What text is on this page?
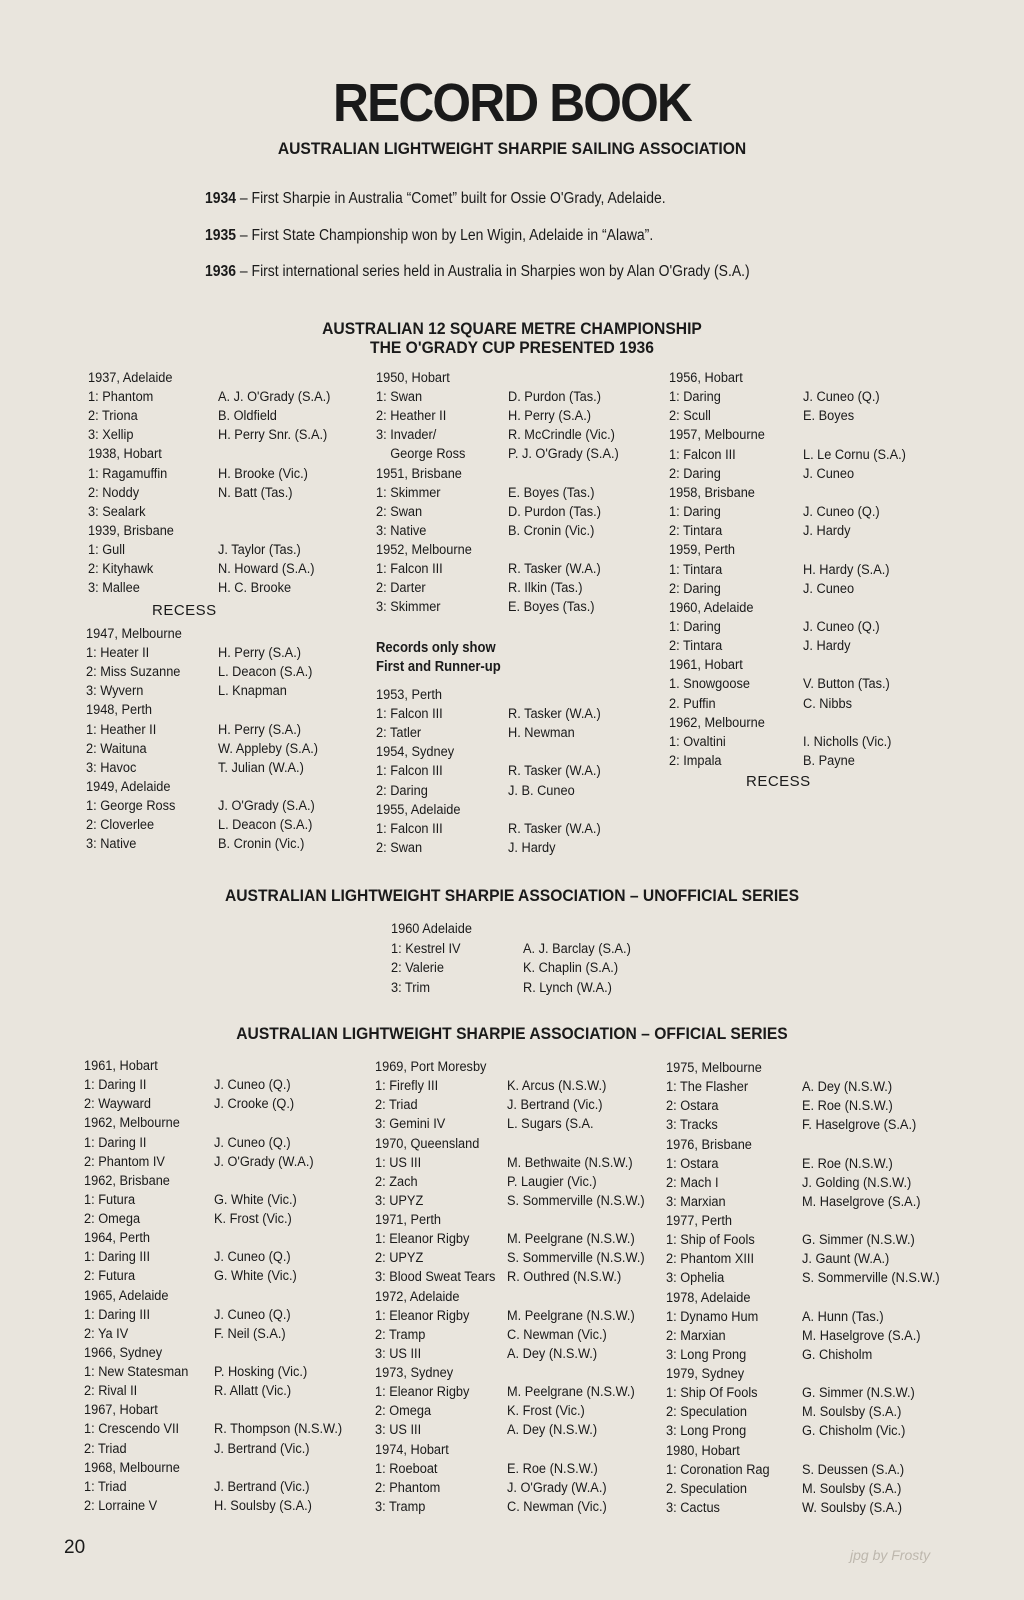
RECORD BOOK
AUSTRALIAN LIGHTWEIGHT SHARPIE SAILING ASSOCIATION

1934 – First Sharpie in Australia “Comet” built for Ossie O'Grady, Adelaide.

1935 – First State Championship won by Len Wigin, Adelaide in “Alawa”.

1936 – First international series held in Australia in Sharpies won by Alan O'Grady (S.A.)

AUSTRALIAN 12 SQUARE METRE CHAMPIONSHIP
THE O'GRADY CUP PRESENTED 1936
1937, Adelaide
1: Phantom	A. J. O'Grady (S.A.)
2: Triona	B. Oldfield
3: Xellip	H. Perry Snr. (S.A.)
1938, Hobart
1: Ragamuffin	H. Brooke (Vic.)
2: Noddy	N. Batt (Tas.)
3: Sealark
1939, Brisbane
1: Gull	J. Taylor (Tas.)
2: Kityhawk	N. Howard (S.A.)
3: Mallee	H. C. Brooke
RECESS
1947, Melbourne
1: Heater II	H. Perry (S.A.)
2: Miss Suzanne	L. Deacon (S.A.)
3: Wyvern	L. Knapman
1948, Perth
1: Heather II	H. Perry (S.A.)
2: Waituna	W. Appleby (S.A.)
3: Havoc	T. Julian (W.A.)
1949, Adelaide
1: George Ross	J. O'Grady (S.A.)
2: Cloverlee	L. Deacon (S.A.)
3: Native	B. Cronin (Vic.)
1950, Hobart
1: Swan	D. Purdon (Tas.)
2: Heather II	H. Perry (S.A.)
3: Invader/	R. McCrindle (Vic.)
George Ross	P. J. O'Grady (S.A.)
1951, Brisbane
1: Skimmer	E. Boyes (Tas.)
2: Swan	D. Purdon (Tas.)
3: Native	B. Cronin (Vic.)
1952, Melbourne
1: Falcon III	R. Tasker (W.A.)
2: Darter	R. Ilkin (Tas.)
3: Skimmer	E. Boyes (Tas.)
Records only show
First and Runner-up
1953, Perth
1: Falcon III	R. Tasker (W.A.)
2: Tatler	H. Newman
1954, Sydney
1: Falcon III	R. Tasker (W.A.)
2: Daring	J. B. Cuneo
1955, Adelaide
1: Falcon III	R. Tasker (W.A.)
2: Swan	J. Hardy
1956, Hobart
1: Daring	J. Cuneo (Q.)
2: Scull	E. Boyes
1957, Melbourne
1: Falcon III	L. Le Cornu (S.A.)
2: Daring	J. Cuneo
1958, Brisbane
1: Daring	J. Cuneo (Q.)
2: Tintara	J. Hardy
1959, Perth
1: Tintara	H. Hardy (S.A.)
2: Daring	J. Cuneo
1960, Adelaide
1: Daring	J. Cuneo (Q.)
2: Tintara	J. Hardy
1961, Hobart
1. Snowgoose	V. Button (Tas.)
2. Puffin	C. Nibbs
1962, Melbourne
1: Ovaltini	I. Nicholls (Vic.)
2: Impala	B. Payne
RECESS
AUSTRALIAN LIGHTWEIGHT SHARPIE ASSOCIATION – UNOFFICIAL SERIES
1960 Adelaide
1: Kestrel IV	A. J. Barclay (S.A.)
2: Valerie	K. Chaplin (S.A.)
3: Trim	R. Lynch (W.A.)
AUSTRALIAN LIGHTWEIGHT SHARPIE ASSOCIATION – OFFICIAL SERIES
1961, Hobart
1: Daring II	J. Cuneo (Q.)
2: Wayward	J. Crooke (Q.)
1962, Melbourne
1: Daring II	J. Cuneo (Q.)
2: Phantom IV	J. O'Grady (W.A.)
1962, Brisbane
1: Futura	G. White (Vic.)
2: Omega	K. Frost (Vic.)
1964, Perth
1: Daring III	J. Cuneo (Q.)
2: Futura	G. White (Vic.)
1965, Adelaide
1: Daring III	J. Cuneo (Q.)
2: Ya IV	F. Neil (S.A.)
1966, Sydney
1: New Statesman P. Hosking (Vic.)
2: Rival II	R. Allatt (Vic.)
1967, Hobart
1: Crescendo VII R. Thompson (N.S.W.)
2: Triad	J. Bertrand (Vic.)
1968, Melbourne
1: Triad	J. Bertrand (Vic.)
2: Lorraine V	H. Soulsby (S.A.)
1969, Port Moresby
1: Firefly III	K. Arcus (N.S.W.)
2: Triad	J. Bertrand (Vic.)
3: Gemini IV	L. Sugars (S.A.
1970, Queensland
1: US III	M. Bethwaite (N.S.W.)
2: Zach	P. Laugier (Vic.)
3: UPYZ	S. Sommerville (N.S.W.)
1971, Perth
1: Eleanor Rigby	M. Peelgrane (N.S.W.)
2: UPYZ	S. Sommerville (N.S.W.)
3: Blood Sweat Tears R. Outhred (N.S.W.)
1972, Adelaide
1: Eleanor Rigby	M. Peelgrane (N.S.W.)
2: Tramp	C. Newman (Vic.)
3: US III	A. Dey (N.S.W.)
1973, Sydney
1: Eleanor Rigby	M. Peelgrane (N.S.W.)
2: Omega	K. Frost (Vic.)
3: US III	A. Dey (N.S.W.)
1974, Hobart
1: Roeboat	E. Roe (N.S.W.)
2: Phantom	J. O'Grady (W.A.)
3: Tramp	C. Newman (Vic.)
1975, Melbourne
1: The Flasher	A. Dey (N.S.W.)
2: Ostara	E. Roe (N.S.W.)
3: Tracks	F. Haselgrove (S.A.)
1976, Brisbane
1: Ostara	E. Roe (N.S.W.)
2: Mach I	J. Golding (N.S.W.)
3: Marxian	M. Haselgrove (S.A.)
1977, Perth
1: Ship of Fools	G. Simmer (N.S.W.)
2: Phantom XIII	J. Gaunt (W.A.)
3: Ophelia	S. Sommerville (N.S.W.)
1978, Adelaide
1: Dynamo Hum	A. Hunn (Tas.)
2: Marxian	M. Haselgrove (S.A.)
3: Long Prong	G. Chisholm
1979, Sydney
1: Ship Of Fools	G. Simmer (N.S.W.)
2: Speculation	M. Soulsby (S.A.)
3: Long Prong	G. Chisholm (Vic.)
1980, Hobart
1: Coronation Rag S. Deussen (S.A.)
2. Speculation	M. Soulsby (S.A.)
3: Cactus	W. Soulsby (S.A.)
20	jpg by Frosty
